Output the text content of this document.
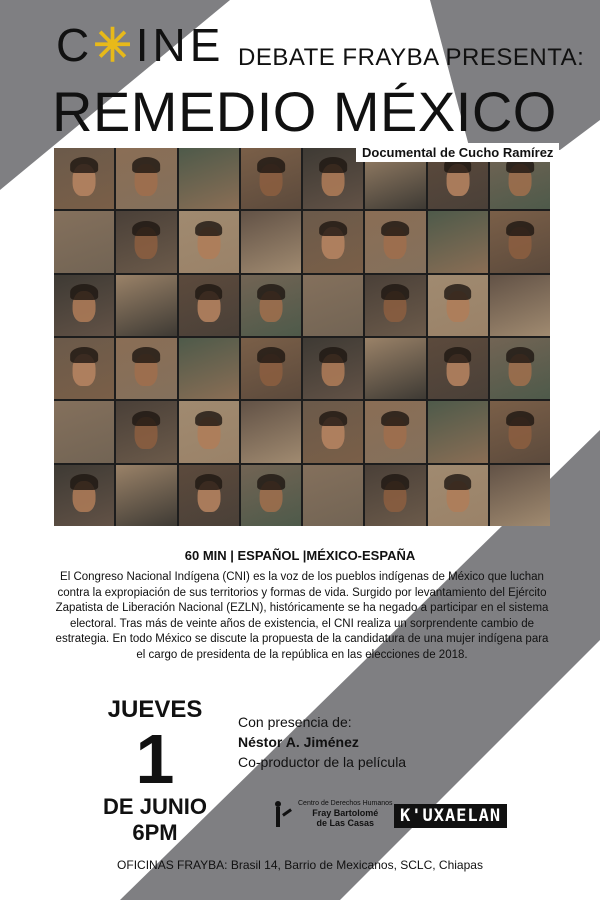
C✳INE DEBATE FRAYBA PRESENTA:
REMEDIO MÉXICO
Documental de Cucho Ramírez
60 MIN | ESPAÑOL |MÉXICO-ESPAÑA
El Congreso Nacional Indígena (CNI) es la voz de los pueblos indígenas de México que luchan contra la expropiación de sus territorios y formas de vida. Surgido por levantamiento del Ejército Zapatista de Liberación Nacional (EZLN), históricamente se ha negado a participar en el sistema electoral. Tras más de veinte años de existencia, el CNI realiza un sorprendente cambio de estrategia. En todo México se discute la propuesta de la candidatura de una mujer indígena para el cargo de presidenta de la república en las elecciones de 2018.
JUEVES
1
DE JUNIO
6PM
Con presencia de:
Néstor A. Jiménez
Co-productor de la película
Centro de Derechos Humanos
Fray Bartolomé
de Las Casas	K'UXAELAN
OFICINAS FRAYBA: Brasil 14, Barrio de Mexicanos, SCLC, Chiapas
